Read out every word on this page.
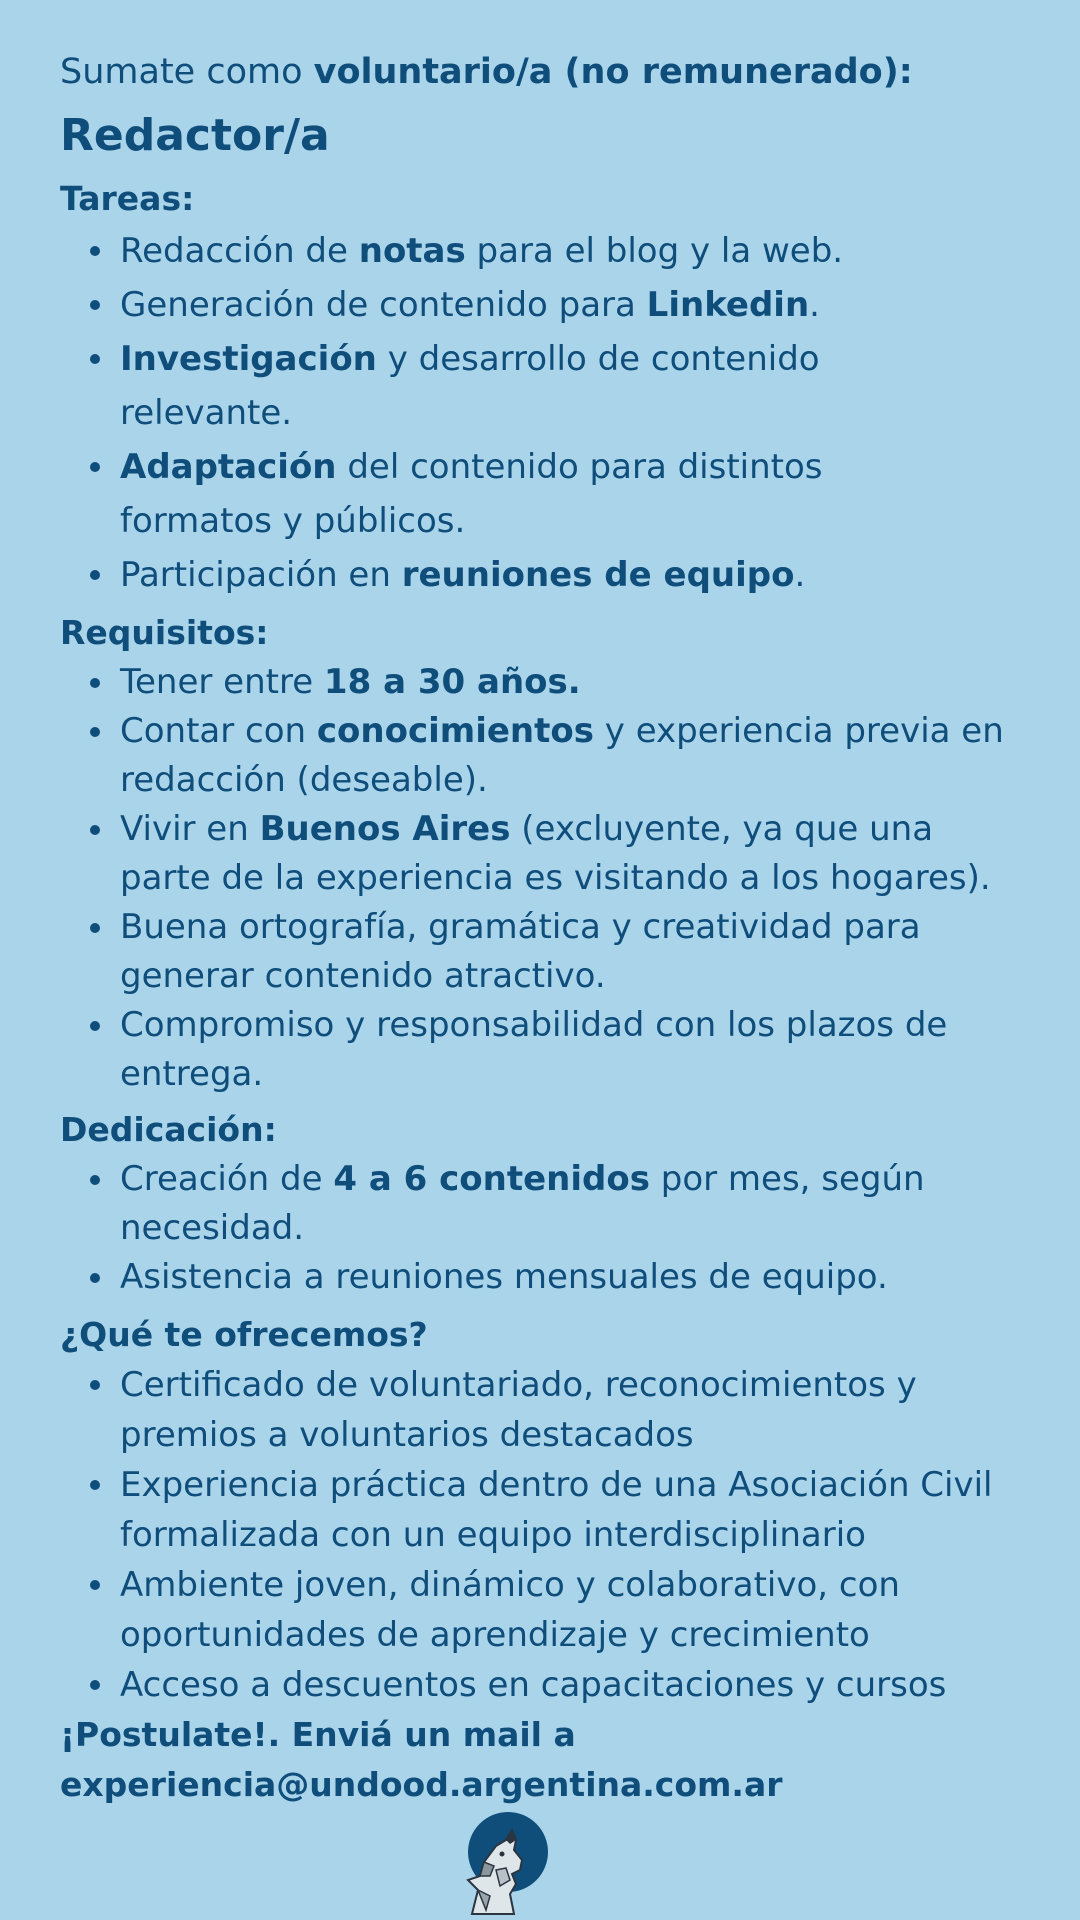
Sumate como voluntario/a (no remunerado):

Redactor/a
Tareas:
Redacción de notas para el blog y la web.
Generación de contenido para Linkedin.
Investigación y desarrollo de contenido
relevante.
Adaptación del contenido para distintos
formatos y públicos.
Participación en reuniones de equipo.
Requisitos:
Tener entre 18 a 30 años.
Contar con conocimientos y experiencia previa en
redacción (deseable).
Vivir en Buenos Aires (excluyente, ya que una
parte de la experiencia es visitando a los hogares).
Buena ortografía, gramática y creatividad para
generar contenido atractivo.
Compromiso y responsabilidad con los plazos de
entrega.
Dedicación:
Creación de 4 a 6 contenidos por mes, según
necesidad.
Asistencia a reuniones mensuales de equipo.
¿Qué te ofrecemos?
Certificado de voluntariado, reconocimientos y
premios a voluntarios destacados
Experiencia práctica dentro de una Asociación Civil
formalizada con un equipo interdisciplinario
Ambiente joven, dinámico y colaborativo, con
oportunidades de aprendizaje y crecimiento
Acceso a descuentos en capacitaciones y cursos

¡Postulate!. Enviá un mail a

experiencia@undood.argentina.com.ar
